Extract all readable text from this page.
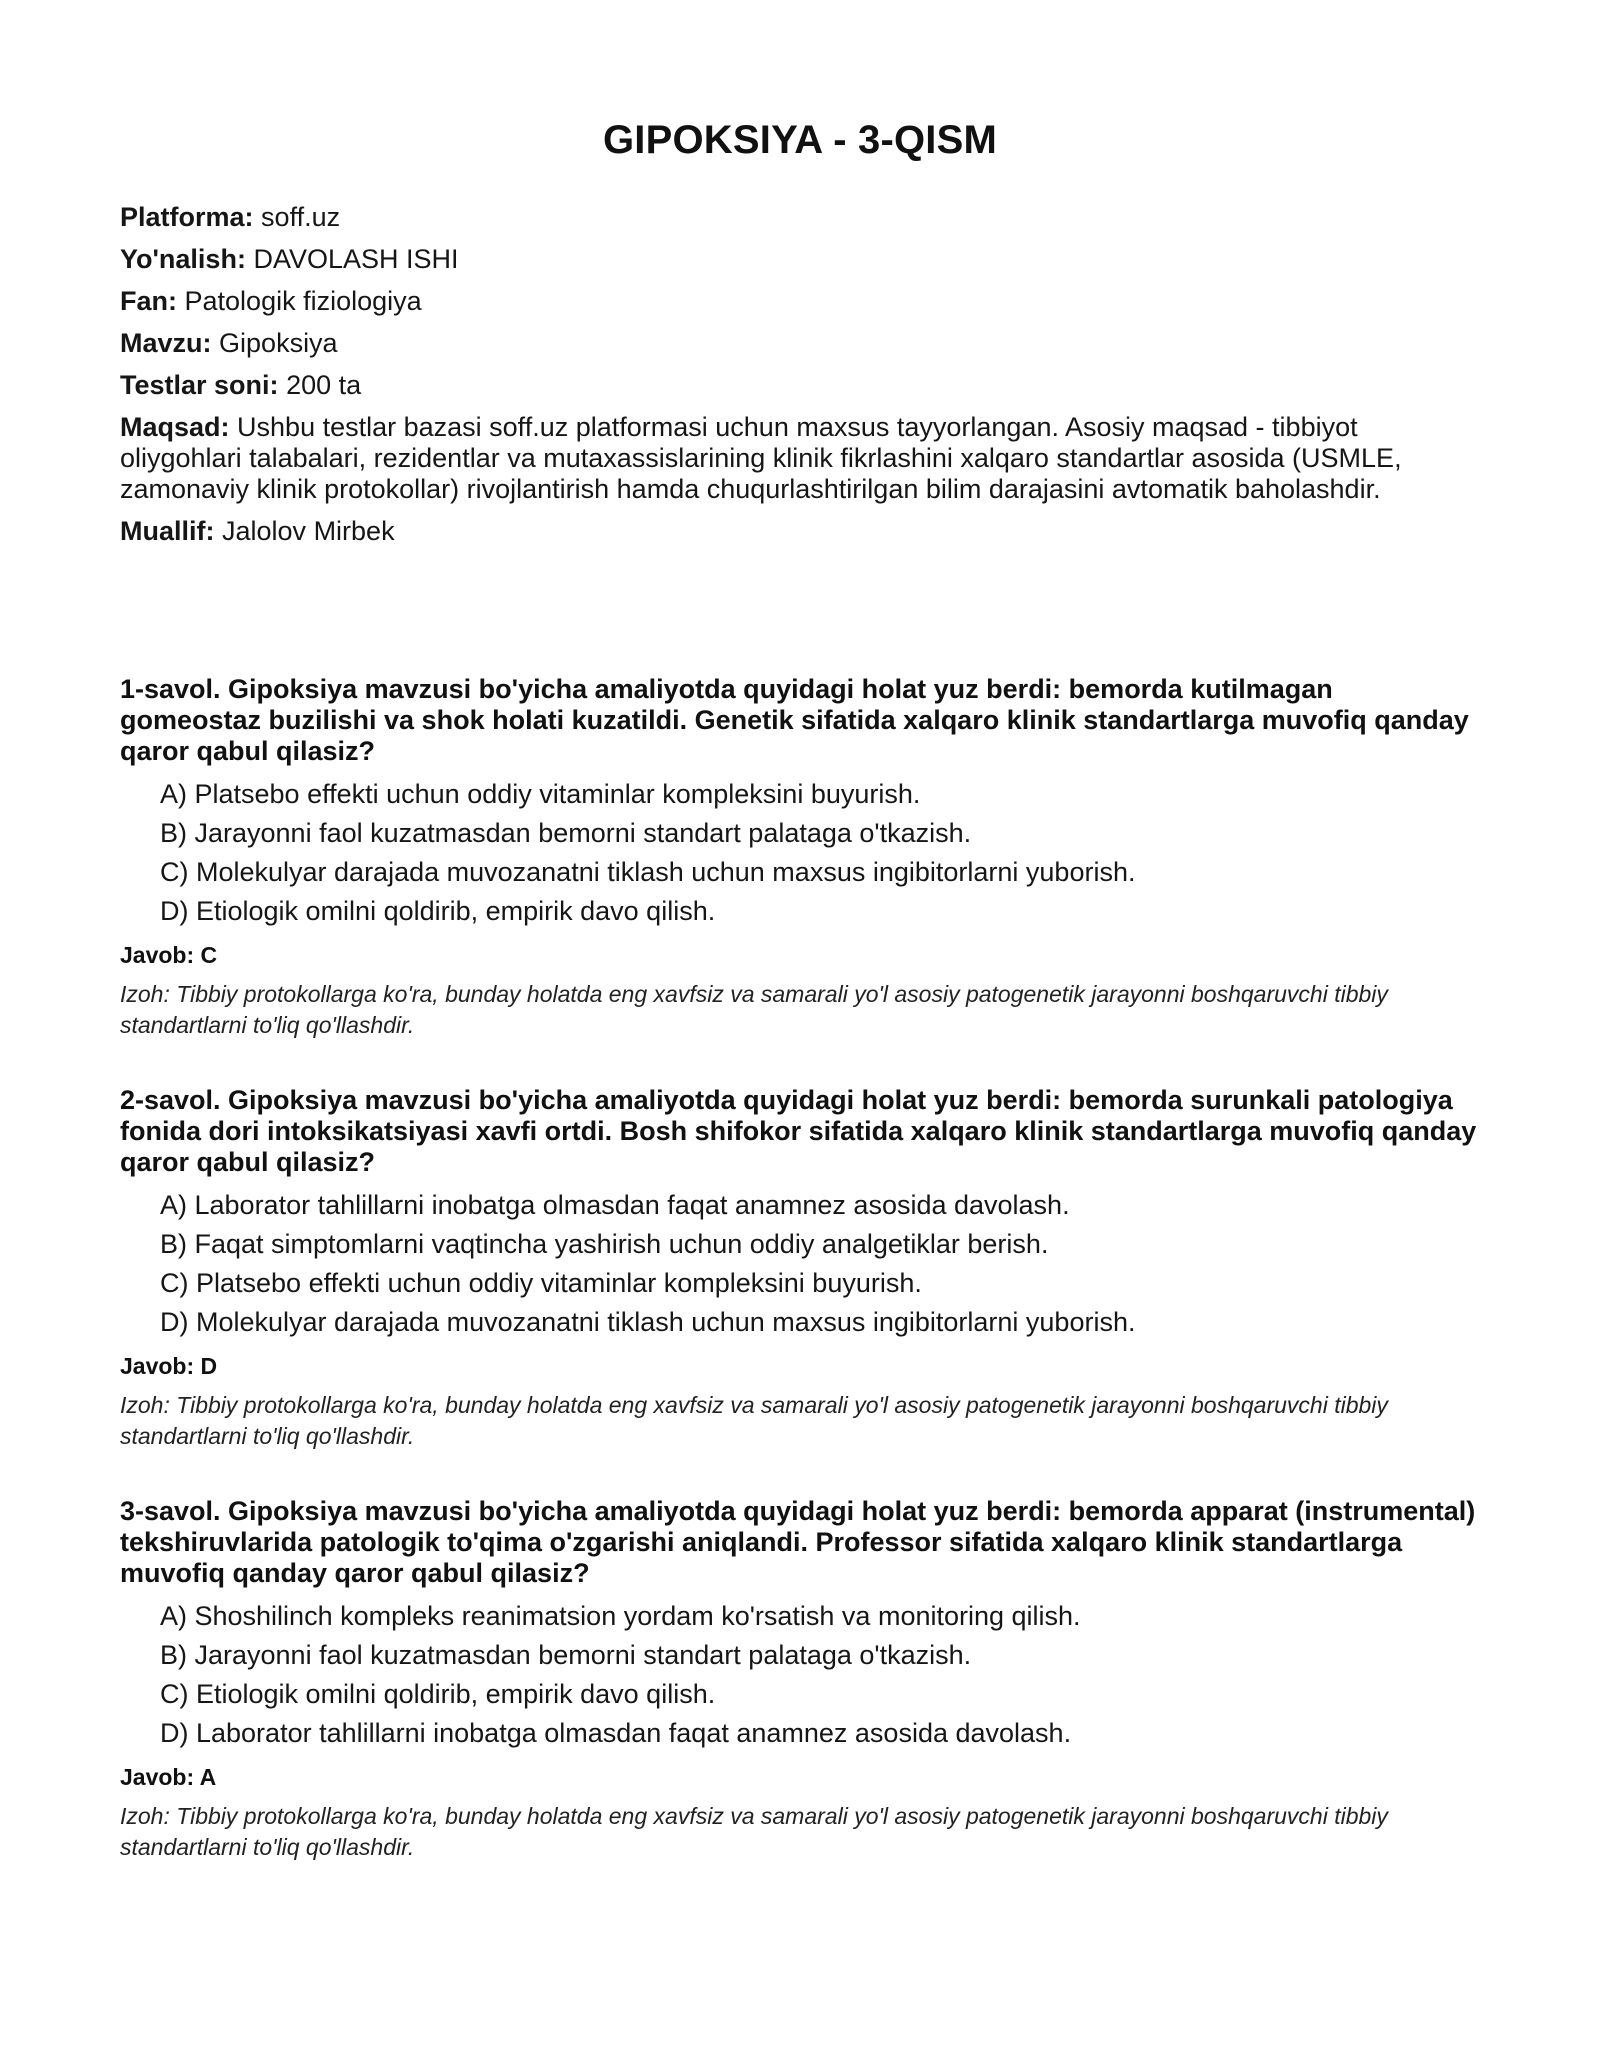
GIPOKSIYA - 3-QISM
Platforma: soff.uz
Yo'nalish: DAVOLASH ISHI
Fan: Patologik fiziologiya
Mavzu: Gipoksiya
Testlar soni: 200 ta
Maqsad: Ushbu testlar bazasi soff.uz platformasi uchun maxsus tayyorlangan. Asosiy maqsad - tibbiyot oliygohlari talabalari, rezidentlar va mutaxassislarining klinik fikrlashini xalqaro standartlar asosida (USMLE, zamonaviy klinik protokollar) rivojlantirish hamda chuqurlashtirilgan bilim darajasini avtomatik baholashdir.
Muallif: Jalolov Mirbek
1-savol. Gipoksiya mavzusi bo'yicha amaliyotda quyidagi holat yuz berdi: bemorda kutilmagan gomeostaz buzilishi va shok holati kuzatildi. Genetik sifatida xalqaro klinik standartlarga muvofiq qanday qaror qabul qilasiz?
A) Platsebo effekti uchun oddiy vitaminlar kompleksini buyurish.
B) Jarayonni faol kuzatmasdan bemorni standart palataga o'tkazish.
C) Molekulyar darajada muvozanatni tiklash uchun maxsus ingibitorlarni yuborish.
D) Etiologik omilni qoldirib, empirik davo qilish.
Javob: C
Izoh: Tibbiy protokollarga ko'ra, bunday holatda eng xavfsiz va samarali yo'l asosiy patogenetik jarayonni boshqaruvchi tibbiy standartlarni to'liq qo'llashdir.
2-savol. Gipoksiya mavzusi bo'yicha amaliyotda quyidagi holat yuz berdi: bemorda surunkali patologiya fonida dori intoksikatsiyasi xavfi ortdi. Bosh shifokor sifatida xalqaro klinik standartlarga muvofiq qanday qaror qabul qilasiz?
A) Laborator tahlillarni inobatga olmasdan faqat anamnez asosida davolash.
B) Faqat simptomlarni vaqtincha yashirish uchun oddiy analgetiklar berish.
C) Platsebo effekti uchun oddiy vitaminlar kompleksini buyurish.
D) Molekulyar darajada muvozanatni tiklash uchun maxsus ingibitorlarni yuborish.
Javob: D
Izoh: Tibbiy protokollarga ko'ra, bunday holatda eng xavfsiz va samarali yo'l asosiy patogenetik jarayonni boshqaruvchi tibbiy standartlarni to'liq qo'llashdir.
3-savol. Gipoksiya mavzusi bo'yicha amaliyotda quyidagi holat yuz berdi: bemorda apparat (instrumental) tekshiruvlarida patologik to'qima o'zgarishi aniqlandi. Professor sifatida xalqaro klinik standartlarga muvofiq qanday qaror qabul qilasiz?
A) Shoshilinch kompleks reanimatsion yordam ko'rsatish va monitoring qilish.
B) Jarayonni faol kuzatmasdan bemorni standart palataga o'tkazish.
C) Etiologik omilni qoldirib, empirik davo qilish.
D) Laborator tahlillarni inobatga olmasdan faqat anamnez asosida davolash.
Javob: A
Izoh: Tibbiy protokollarga ko'ra, bunday holatda eng xavfsiz va samarali yo'l asosiy patogenetik jarayonni boshqaruvchi tibbiy standartlarni to'liq qo'llashdir.
